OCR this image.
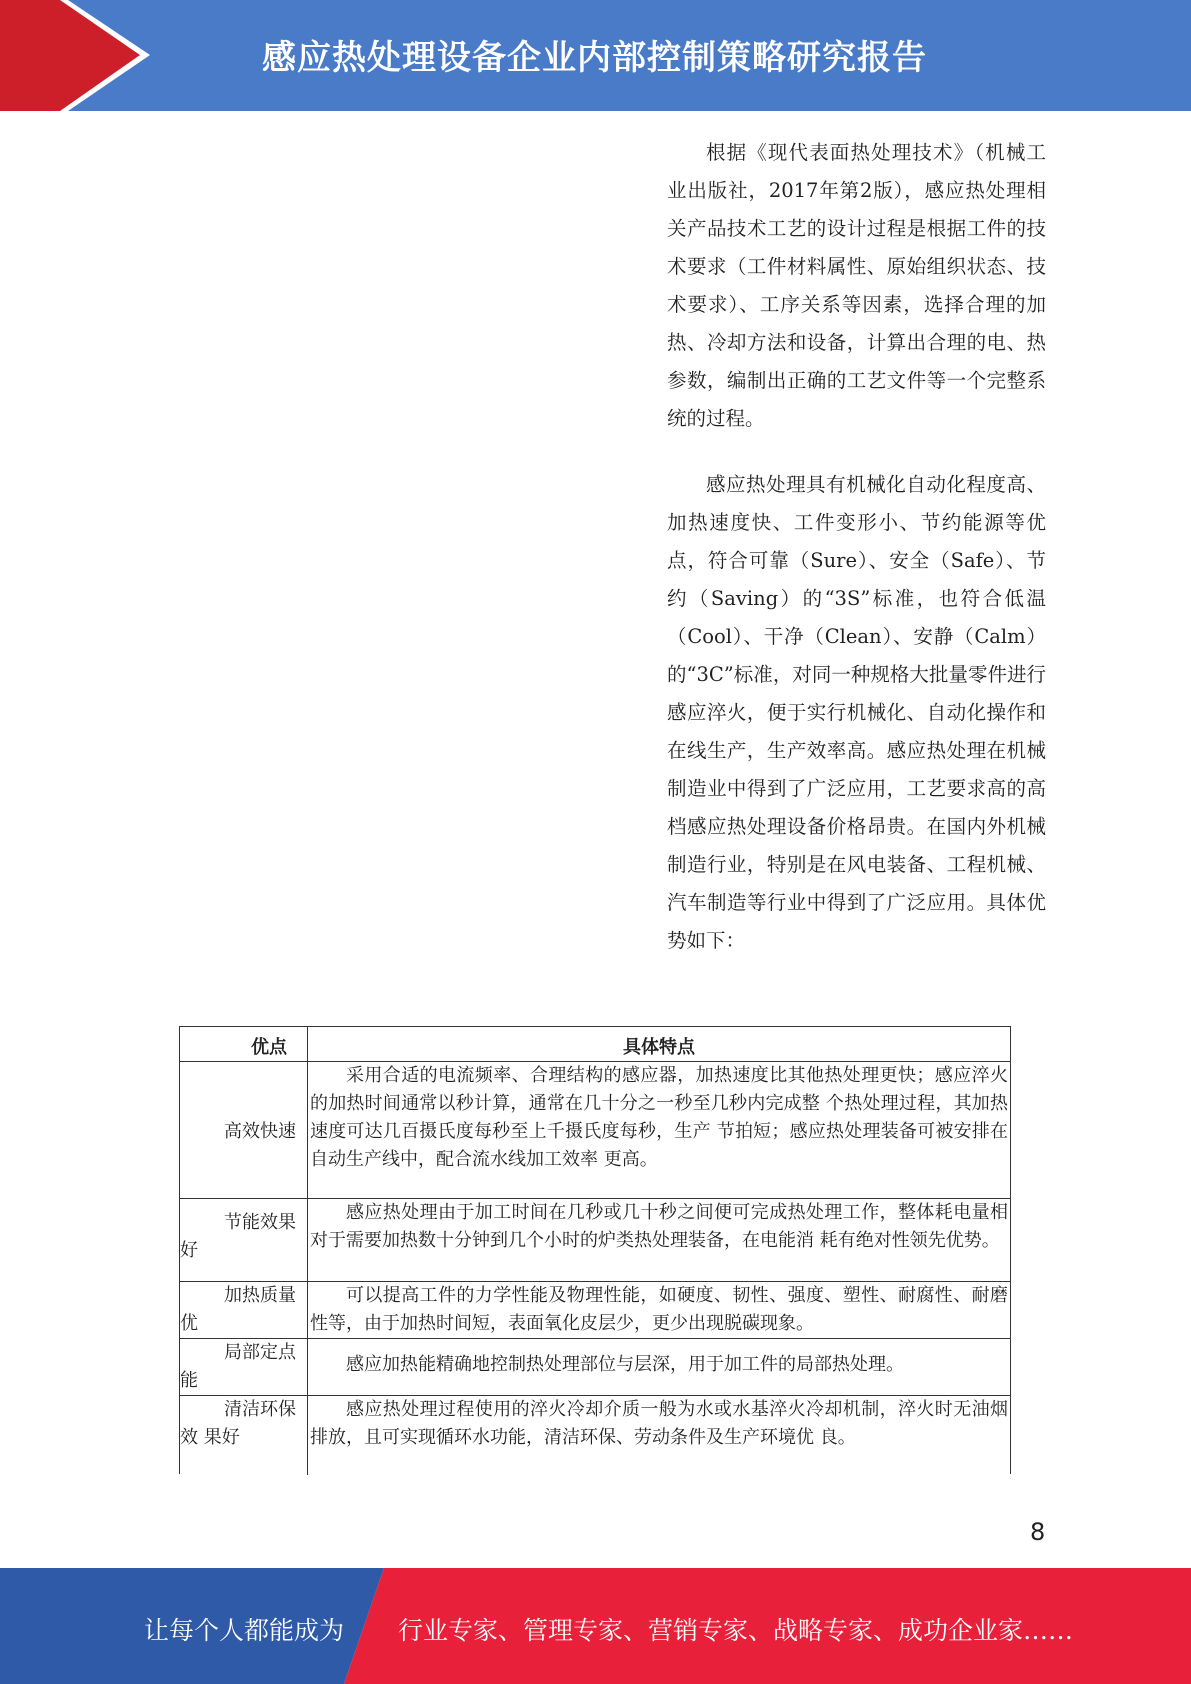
感应热处理设备企业内部控制策略研究报告

根据《现代表面热处理技术》（机械工业出版社，2017年第2版），感应热处理相关产品技术工艺的设计过程是根据工件的技术要求（工件材料属性、原始组织状态、技术要求）、工序关系等因素，选择合理的加热、冷却方法和设备，计算出合理的电、热参数，编制出正确的工艺文件等一个完整系统的过程。

感应热处理具有机械化自动化程度高、加热速度快、工件变形小、节约能源等优点，符合可靠（Sure）、安全（Safe）、节约（Saving）的“3S”标准，也符合低温（Cool）、干净（Clean）、安静（Calm）的“3C”标准，对同一种规格大批量零件进行感应淬火，便于实行机械化、自动化操作和在线生产，生产效率高。感应热处理在机械制造业中得到了广泛应用，工艺要求高的高档感应热处理设备价格昂贵。在国内外机械制造行业，特别是在风电装备、工程机械、汽车制造等行业中得到了广泛应用。具体优势如下：

优点	具体特点
高效快速
采用合适的电流频率、合理结构的感应器，加热速度比其他热处理更快；感应淬火的加热时间通常以秒计算，通常在几十分之一秒至几秒内完成整 个热处理过程，其加热速度可达几百摄氏度每秒至上千摄氏度每秒，生产 节拍短；感应热处理装备可被安排在自动生产线中，配合流水线加工效率 更高。
节能效果好
感应热处理由于加工时间在几秒或几十秒之间便可完成热处理工作，整体耗电量相对于需要加热数十分钟到几个小时的炉类热处理装备，在电能消 耗有绝对性领先优势。
加热质量优
可以提高工件的力学性能及物理性能，如硬度、韧性、强度、塑性、耐腐性、耐磨性等，由于加热时间短，表面氧化皮层少，更少出现脱碳现象。
局部定点能
感应加热能精确地控制热处理部位与层深，用于加工件的局部热处理。
清洁环保效 果好
感应热处理过程使用的淬火冷却介质一般为水或水基淬火冷却机制，淬火时无油烟排放，且可实现循环水功能，清洁环保、劳动条件及生产环境优 良。
8
让每个人都能成为 行业专家、管理专家、营销专家、战略专家、成功企业家……
